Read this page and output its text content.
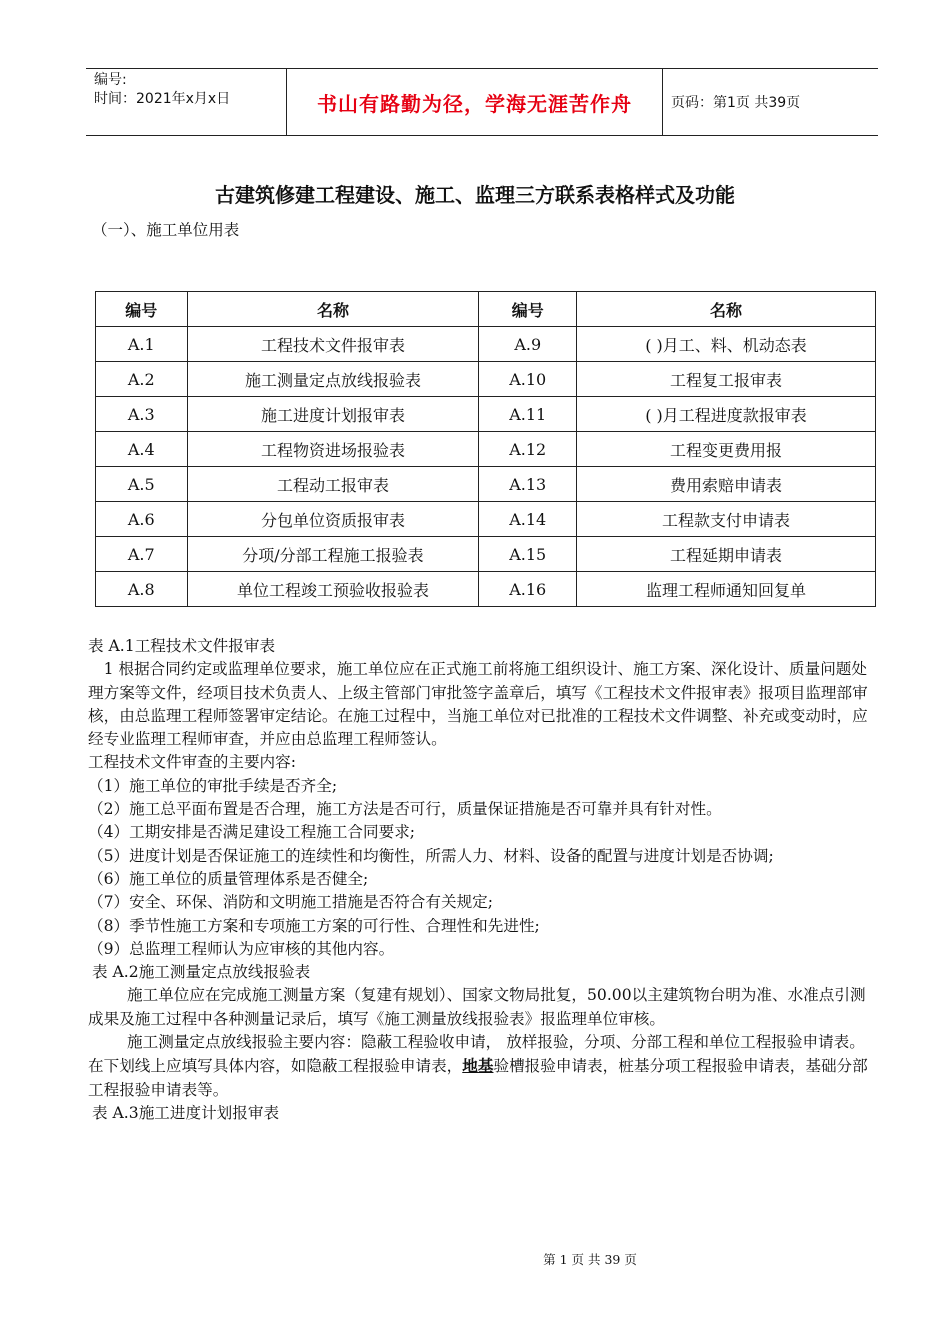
编号:
时间：2021年x月x日	书山有路勤为径，学海无涯苦作舟	页码：第1页 共39页
古建筑修建工程建设、施工、监理三方联系表格样式及功能
（一）、施工单位用表
编号	名称	编号	名称
A.1	工程技术文件报审表	A.9	( )月工、料、机动态表
A.2	施工测量定点放线报验表	A.10	工程复工报审表
A.3	施工进度计划报审表	A.11	( )月工程进度款报审表
A.4	工程物资进场报验表	A.12	工程变更费用报
A.5	工程动工报审表	A.13	费用索赔申请表
A.6	分包单位资质报审表	A.14	工程款支付申请表
A.7	分项/分部工程施工报验表	A.15	工程延期申请表
A.8	单位工程竣工预验收报验表	A.16	监理工程师通知回复单

表 A.1工程技术文件报审表

1 根据合同约定或监理单位要求，施工单位应在正式施工前将施工组织设计、施工方案、深化设计、质量问题处理方案等文件，经项目技术负责人、上级主管部门审批签字盖章后，填写《工程技术文件报审表》报项目监理部审核，由总监理工程师签署审定结论。在施工过程中，当施工单位对已批准的工程技术文件调整、补充或变动时，应经专业监理工程师审查，并应由总监理工程师签认。

工程技术文件审查的主要内容:

（1）施工单位的审批手续是否齐全;

（2）施工总平面布置是否合理，施工方法是否可行，质量保证措施是否可靠并具有针对性。

（4）工期安排是否满足建设工程施工合同要求;

（5）进度计划是否保证施工的连续性和均衡性，所需人力、材料、设备的配置与进度计划是否协调;

（6）施工单位的质量管理体系是否健全;

（7）安全、环保、消防和文明施工措施是否符合有关规定;

（8）季节性施工方案和专项施工方案的可行性、合理性和先进性;

（9）总监理工程师认为应审核的其他内容。

表 A.2施工测量定点放线报验表

施工单位应在完成施工测量方案（复建有规划）、国家文物局批复，50.00以主建筑物台明为准、水准点引测成果及施工过程中各种测量记录后，填写《施工测量放线报验表》报监理单位审核。

施工测量定点放线报验主要内容：隐蔽工程验收申请， 放样报验，分项、分部工程和单位工程报验申请表。在下划线上应填写具体内容，如隐蔽工程报验申请表，地基验槽报验申请表，桩基分项工程报验申请表，基础分部工程报验申请表等。

表 A.3施工进度计划报审表

第 1 页 共 39 页
